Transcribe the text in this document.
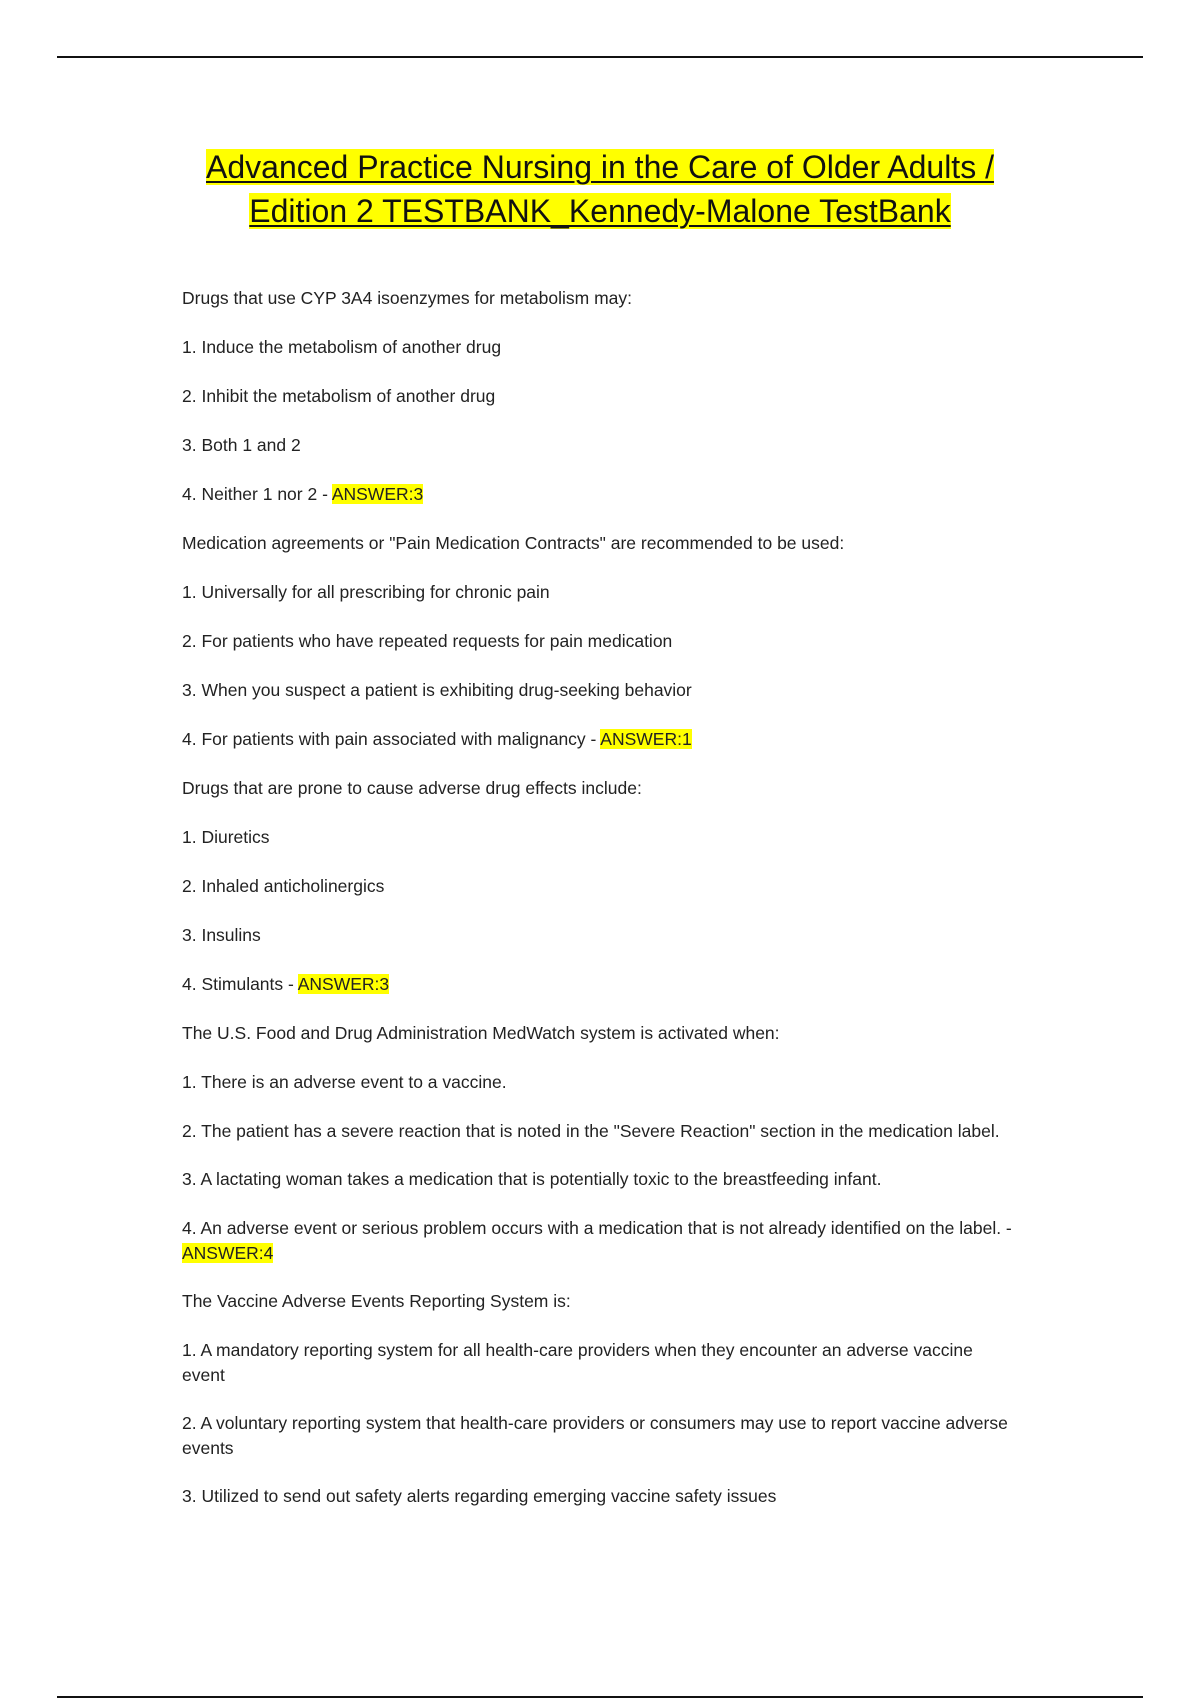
Advanced Practice Nursing in the Care of Older Adults /
Edition 2 TESTBANK_Kennedy-Malone TestBank

Drugs that use CYP 3A4 isoenzymes for metabolism may:

1. Induce the metabolism of another drug

2. Inhibit the metabolism of another drug

3. Both 1 and 2

4. Neither 1 nor 2 - ANSWER:3

Medication agreements or "Pain Medication Contracts" are recommended to be used:

1. Universally for all prescribing for chronic pain

2. For patients who have repeated requests for pain medication

3. When you suspect a patient is exhibiting drug-seeking behavior

4. For patients with pain associated with malignancy - ANSWER:1

Drugs that are prone to cause adverse drug effects include:

1. Diuretics

2. Inhaled anticholinergics

3. Insulins

4. Stimulants - ANSWER:3

The U.S. Food and Drug Administration MedWatch system is activated when:

1. There is an adverse event to a vaccine.

2. The patient has a severe reaction that is noted in the "Severe Reaction" section in the medication label.

3. A lactating woman takes a medication that is potentially toxic to the breastfeeding infant.

4. An adverse event or serious problem occurs with a medication that is not already identified on the label. - ANSWER:4

The Vaccine Adverse Events Reporting System is:

1. A mandatory reporting system for all health-care providers when they encounter an adverse vaccine event

2. A voluntary reporting system that health-care providers or consumers may use to report vaccine adverse events

3. Utilized to send out safety alerts regarding emerging vaccine safety issues
